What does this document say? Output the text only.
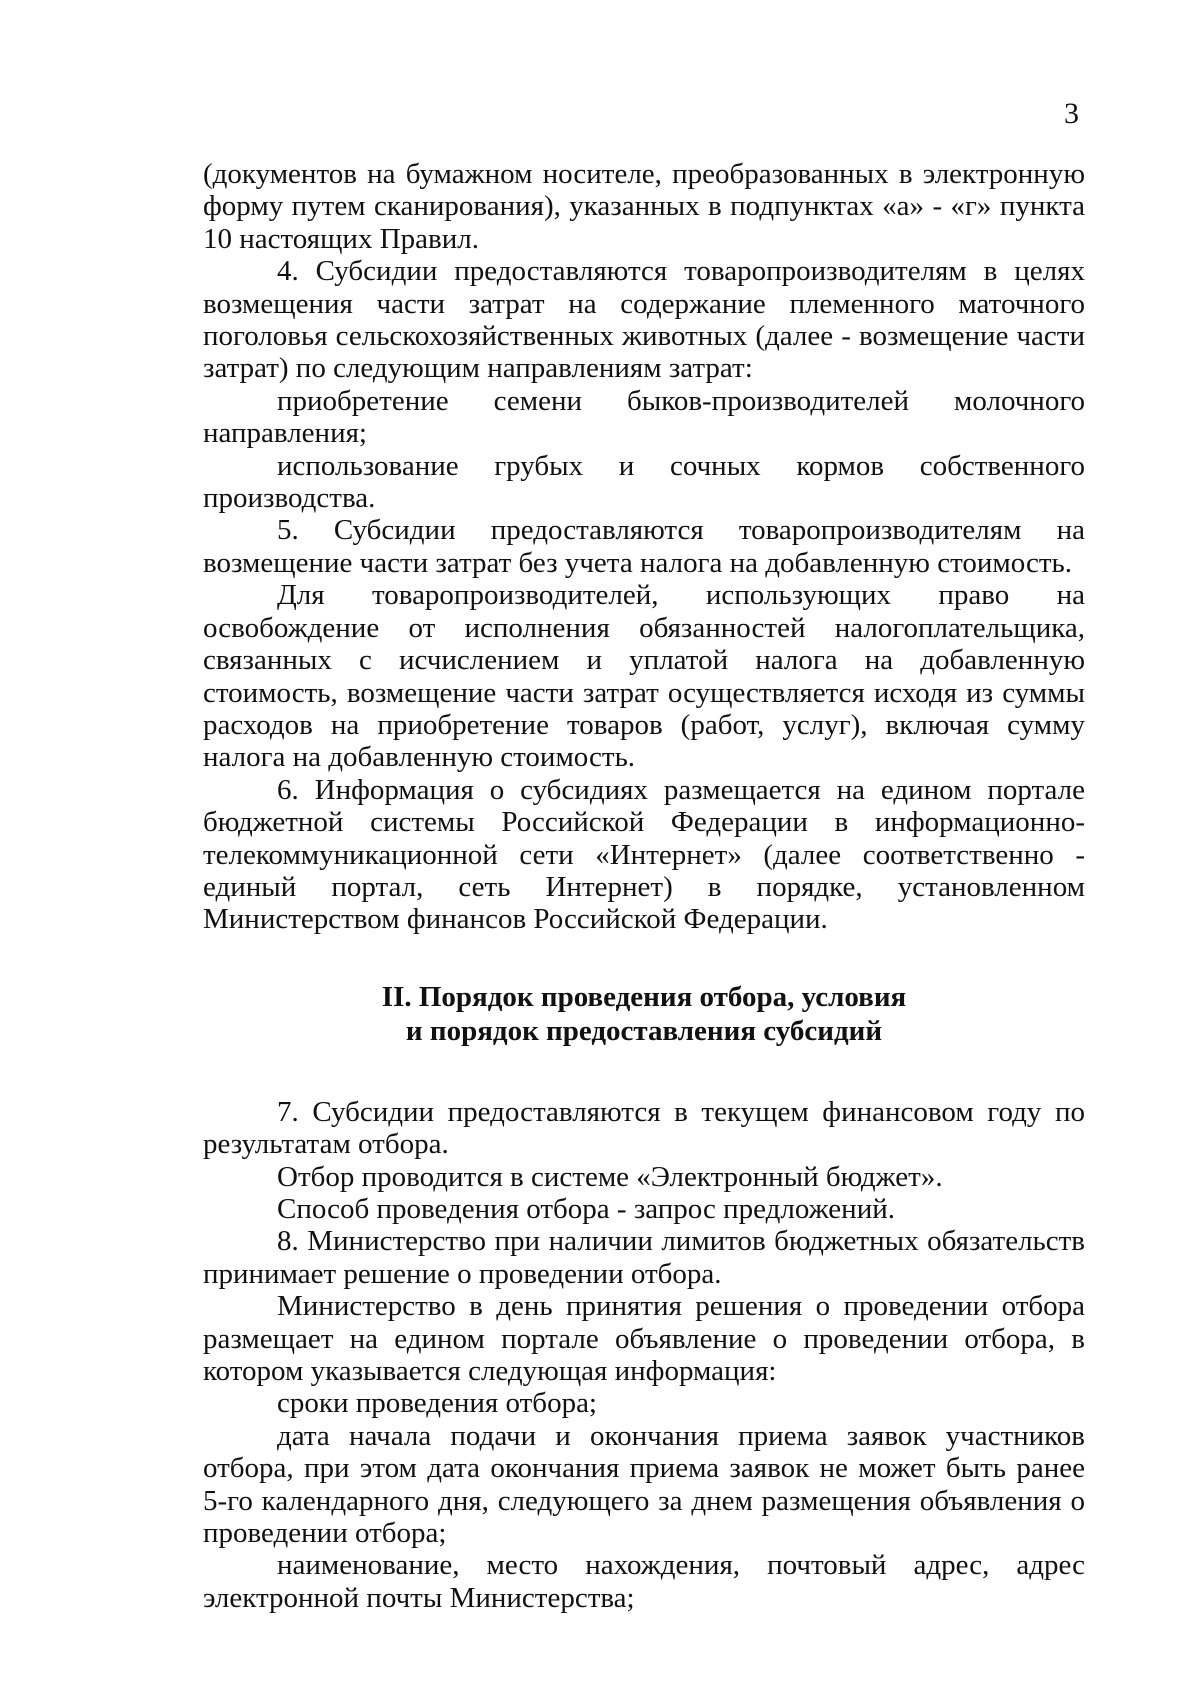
3

(документов на бумажном носителе, преобразованных в электронную форму путем сканирования), указанных в подпунктах «а» - «г» пункта 10 настоящих Правил.

4. Субсидии предоставляются товаропроизводителям в целях возмещения части затрат на содержание племенного маточного поголовья сельскохозяйственных животных (далее - возмещение части затрат) по следующим направлениям затрат:

приобретение семени быков-производителей молочного направления;

использование грубых и сочных кормов собственного производства.

5. Субсидии предоставляются товаропроизводителям на возмещение части затрат без учета налога на добавленную стоимость.

Для товаропроизводителей, использующих право на освобождение от исполнения обязанностей налогоплательщика, связанных с исчислением и уплатой налога на добавленную стоимость, возмещение части затрат осуществляется исходя из суммы расходов на приобретение товаров (работ, услуг), включая сумму налога на добавленную стоимость.

6. Информация о субсидиях размещается на едином портале бюджетной системы Российской Федерации в информационно-телекоммуникационной сети «Интернет» (далее соответственно - единый портал, сеть Интернет) в порядке, установленном Министерством финансов Российской Федерации.

II. Порядок проведения отбора, условия
и порядок предоставления субсидий

7. Субсидии предоставляются в текущем финансовом году по результатам отбора.

Отбор проводится в системе «Электронный бюджет».

Способ проведения отбора - запрос предложений.

8. Министерство при наличии лимитов бюджетных обязательств принимает решение о проведении отбора.

Министерство в день принятия решения о проведении отбора размещает на едином портале объявление о проведении отбора, в котором указывается следующая информация:

сроки проведения отбора;

дата начала подачи и окончания приема заявок участников отбора, при этом дата окончания приема заявок не может быть ранее 5-го календарного дня, следующего за днем размещения объявления о проведении отбора;

наименование, место нахождения, почтовый адрес, адрес электронной почты Министерства;
